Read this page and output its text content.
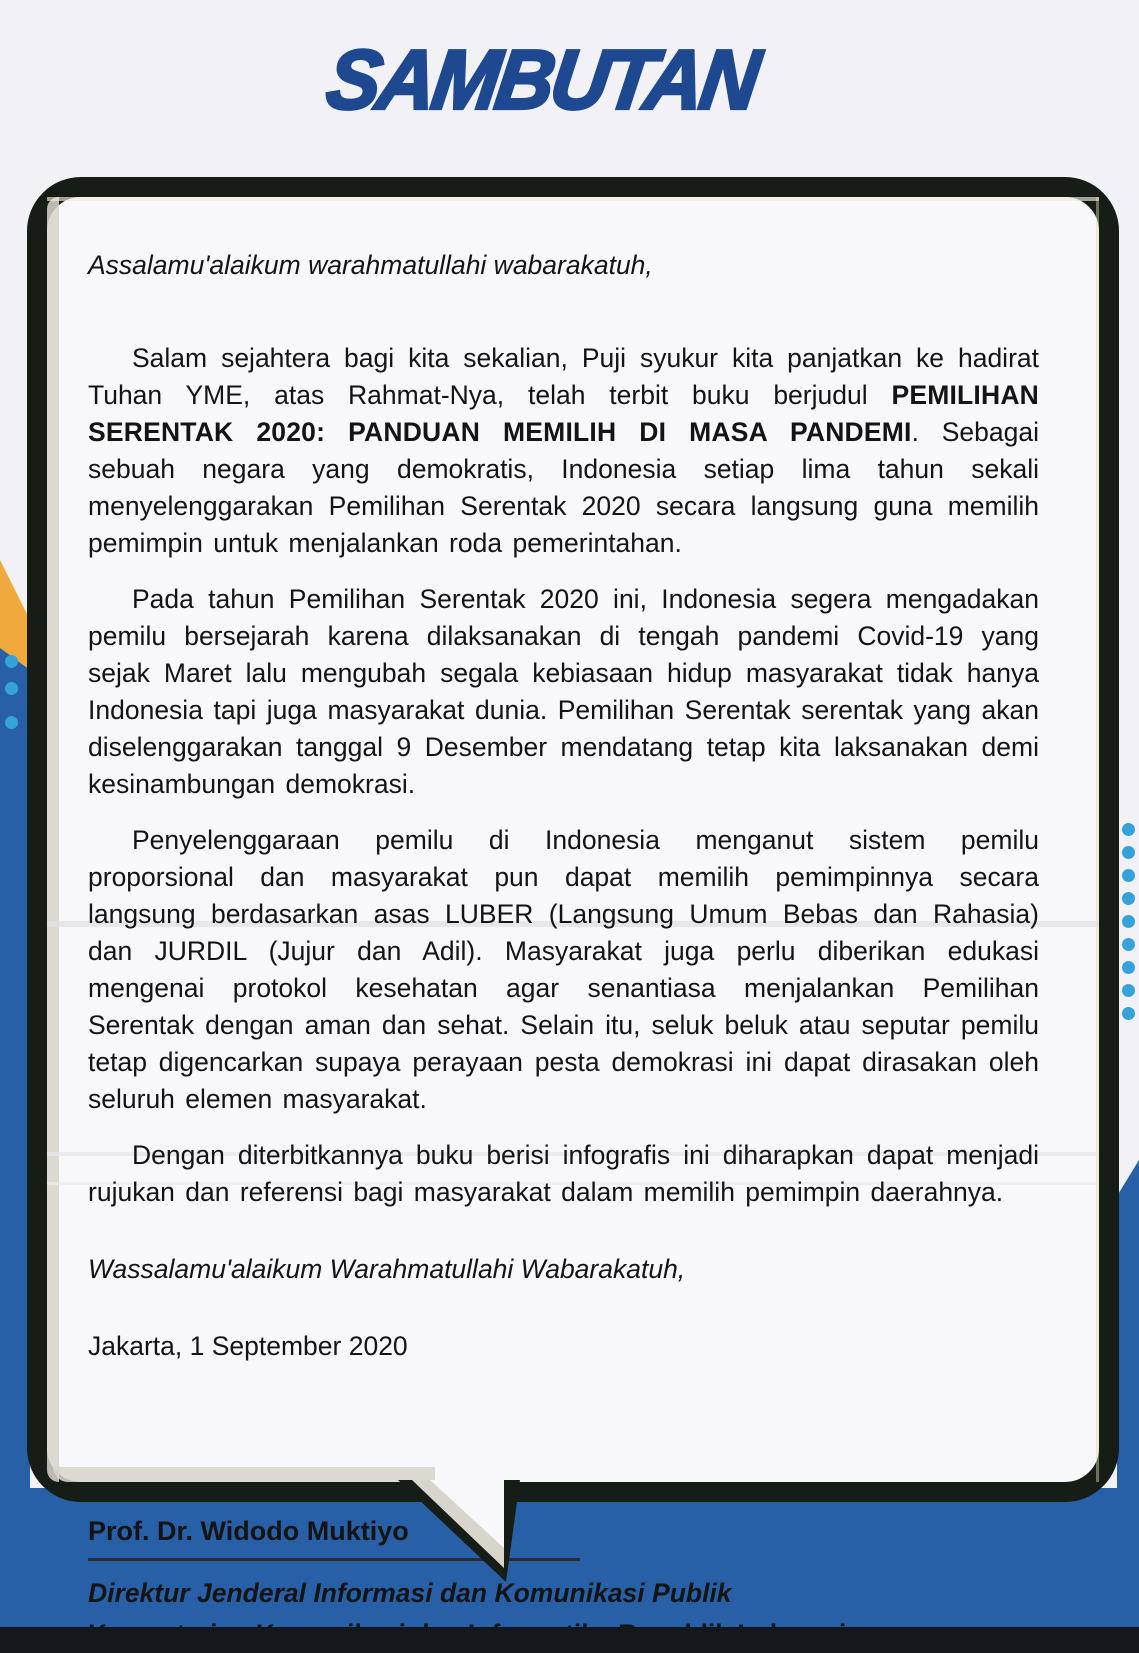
SAMBUTAN

Assalamu'alaikum warahmatullahi wabarakatuh,

Salam sejahtera bagi kita sekalian, Puji syukur kita panjatkan ke hadirat Tuhan YME, atas Rahmat-Nya, telah terbit buku berjudul PEMILIHAN SERENTAK 2020: PANDUAN MEMILIH DI MASA PANDEMI. Sebagai sebuah negara yang demokratis, Indonesia setiap lima tahun sekali menyelenggarakan Pemilihan Serentak 2020 secara langsung guna memilih pemimpin untuk menjalankan roda pemerintahan.

Pada tahun Pemilihan Serentak 2020 ini, Indonesia segera mengadakan pemilu bersejarah karena dilaksanakan di tengah pandemi Covid-19 yang sejak Maret lalu mengubah segala kebiasaan hidup masyarakat tidak hanya Indonesia tapi juga masyarakat dunia. Pemilihan Serentak serentak yang akan diselenggarakan tanggal 9 Desember mendatang tetap kita laksanakan demi kesinambungan demokrasi.

Penyelenggaraan pemilu di Indonesia menganut sistem pemilu proporsional dan masyarakat pun dapat memilih pemimpinnya secara langsung berdasarkan asas LUBER (Langsung Umum Bebas dan Rahasia) dan JURDIL (Jujur dan Adil). Masyarakat juga perlu diberikan edukasi mengenai protokol kesehatan agar senantiasa menjalankan Pemilihan Serentak dengan aman dan sehat. Selain itu, seluk beluk atau seputar pemilu tetap digencarkan supaya perayaan pesta demokrasi ini dapat dirasakan oleh seluruh elemen masyarakat.

Dengan diterbitkannya buku berisi infografis ini diharapkan dapat menjadi rujukan dan referensi bagi masyarakat dalam memilih pemimpin daerahnya.

Wassalamu'alaikum Warahmatullahi Wabarakatuh,

Jakarta, 1 September 2020

Prof. Dr. Widodo Muktiyo

Direktur Jenderal Informasi dan Komunikasi Publik
